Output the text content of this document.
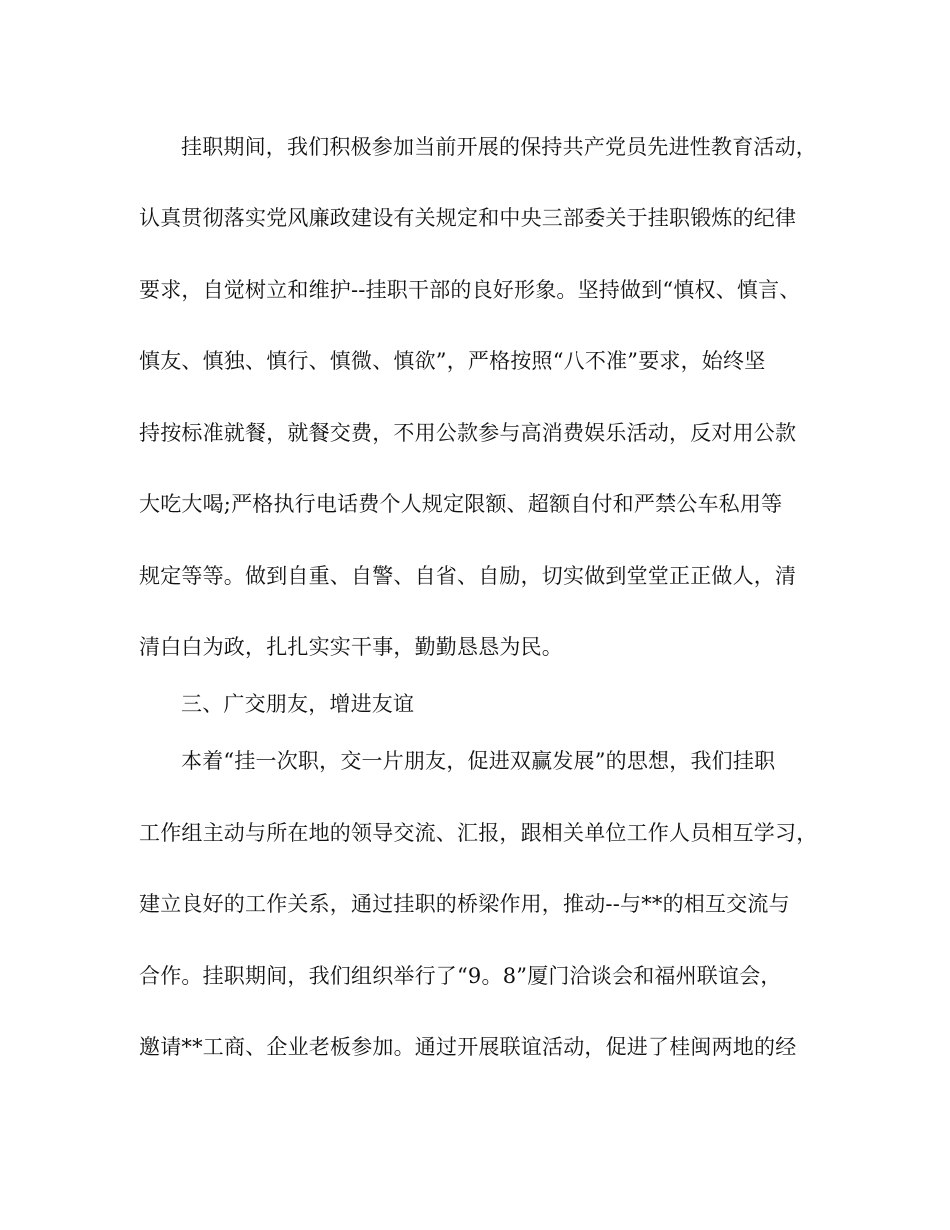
挂职期间，我们积极参加当前开展的保持共产党员先进性教育活动，
认真贯彻落实党风廉政建设有关规定和中央三部委关于挂职锻炼的纪律
要求，自觉树立和维护--挂职干部的良好形象。坚持做到“慎权、慎言、
慎友、慎独、慎行、慎微、慎欲”，严格按照“八不准”要求，始终坚
持按标准就餐，就餐交费，不用公款参与高消费娱乐活动，反对用公款
大吃大喝;严格执行电话费个人规定限额、超额自付和严禁公车私用等
规定等等。做到自重、自警、自省、自励，切实做到堂堂正正做人，清
清白白为政，扎扎实实干事，勤勤恳恳为民。
三、广交朋友，增进友谊
本着“挂一次职，交一片朋友，促进双赢发展”的思想，我们挂职
工作组主动与所在地的领导交流、汇报，跟相关单位工作人员相互学习，
建立良好的工作关系，通过挂职的桥梁作用，推动--与**的相互交流与
合作。挂职期间，我们组织举行了“9。8”厦门洽谈会和福州联谊会，
邀请**工商、企业老板参加。通过开展联谊活动，促进了桂闽两地的经
